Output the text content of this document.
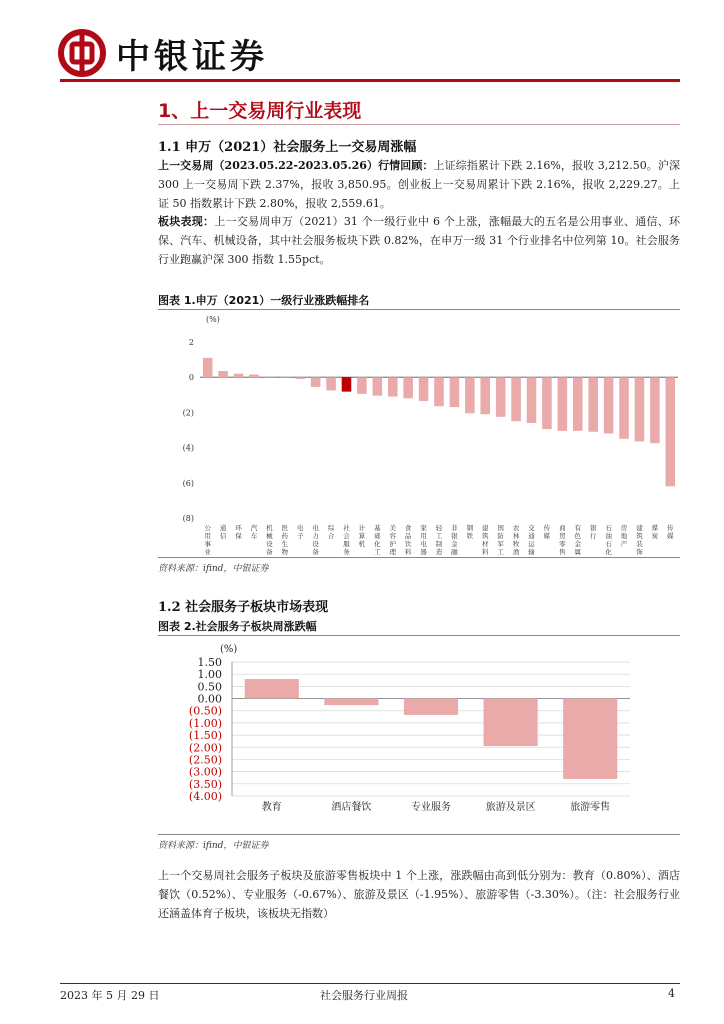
中银证券
1、上一交易周行业表现
1.1 申万（2021）社会服务上一交易周涨幅
上一交易周（2023.05.22-2023.05.26）行情回顾：上证综指累计下跌 2.16%，报收 3,212.50。沪深 300 上一交易周下跌 2.37%，报收 3,850.95。创业板上一交易周累计下跌 2.16%，报收 2,229.27。上证 50 指数累计下跌 2.80%，报收 2,559.61。
板块表现：上一交易周申万（2021）31 个一级行业中 6 个上涨，涨幅最大的五名是公用事业、通信、环保、汽车、机械设备，其中社会服务板块下跌 0.82%，在申万一级 31 个行业排名中位列第 10。社会服务行业跑赢沪深 300 指数 1.55pct。
图表 1.申万（2021）一级行业涨跌幅排名
(%)
2
0
(2)
(4)
(6)
(8)
公用事业
通信
环保
汽车
机械设备
医药生物
电子
电力设备
综合
社会服务
计算机
基础化工
美容护理
食品饮料
家用电器
轻工制造
非银金融
钢铁
建筑材料
国防军工
农林牧渔
交通运输
传媒
商贸零售
有色金属
银行
石油石化
房地产
建筑装饰
煤炭
传媒
资料来源：ifind，中银证券
1.2 社会服务子板块市场表现
图表 2.社会服务子板块周涨跌幅
(%)
1.50
1.00
0.50
0.00
(0.50)
(1.00)
(1.50)
(2.00)
(2.50)
(3.00)
(3.50)
(4.00)
教育	酒店餐饮	专业服务	旅游及景区	旅游零售
资料来源：ifind，中银证券
上一个交易周社会服务子板块及旅游零售板块中 1 个上涨，涨跌幅由高到低分别为：教育（0.80%）、酒店餐饮（0.52%）、专业服务（-0.67%）、旅游及景区（-1.95%）、旅游零售（-3.30%）。（注：社会服务行业还涵盖体育子板块，该板块无指数）
2023 年 5 月 29 日	社会服务行业周报	4
